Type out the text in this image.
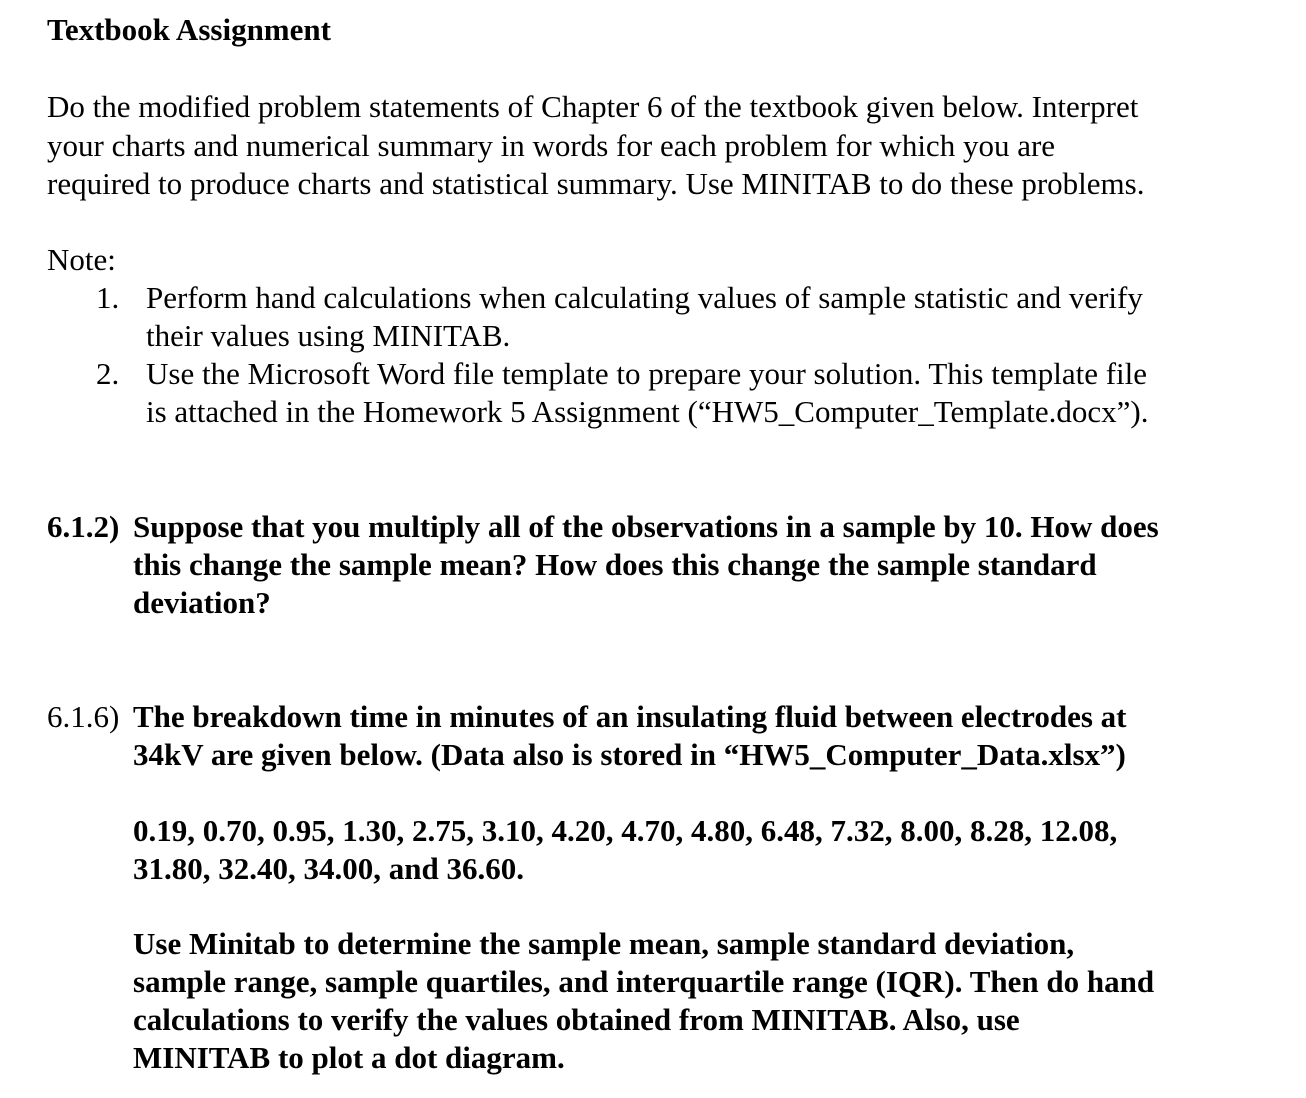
Textbook Assignment
Do the modified problem statements of Chapter 6 of the textbook given below. Interpret
your charts and numerical summary in words for each problem for which you are
required to produce charts and statistical summary. Use MINITAB to do these problems.
Note:
1. Perform hand calculations when calculating values of sample statistic and verify
their values using MINITAB.
2. Use the Microsoft Word file template to prepare your solution. This template file
is attached in the Homework 5 Assignment (“HW5_Computer_Template.docx”).
6.1.2) Suppose that you multiply all of the observations in a sample by 10. How does
this change the sample mean? How does this change the sample standard
deviation?
6.1.6) The breakdown time in minutes of an insulating fluid between electrodes at
34kV are given below. (Data also is stored in “HW5_Computer_Data.xlsx”)
0.19, 0.70, 0.95, 1.30, 2.75, 3.10, 4.20, 4.70, 4.80, 6.48, 7.32, 8.00, 8.28, 12.08,
31.80, 32.40, 34.00, and 36.60.
Use Minitab to determine the sample mean, sample standard deviation,
sample range, sample quartiles, and interquartile range (IQR). Then do hand
calculations to verify the values obtained from MINITAB. Also, use
MINITAB to plot a dot diagram.
